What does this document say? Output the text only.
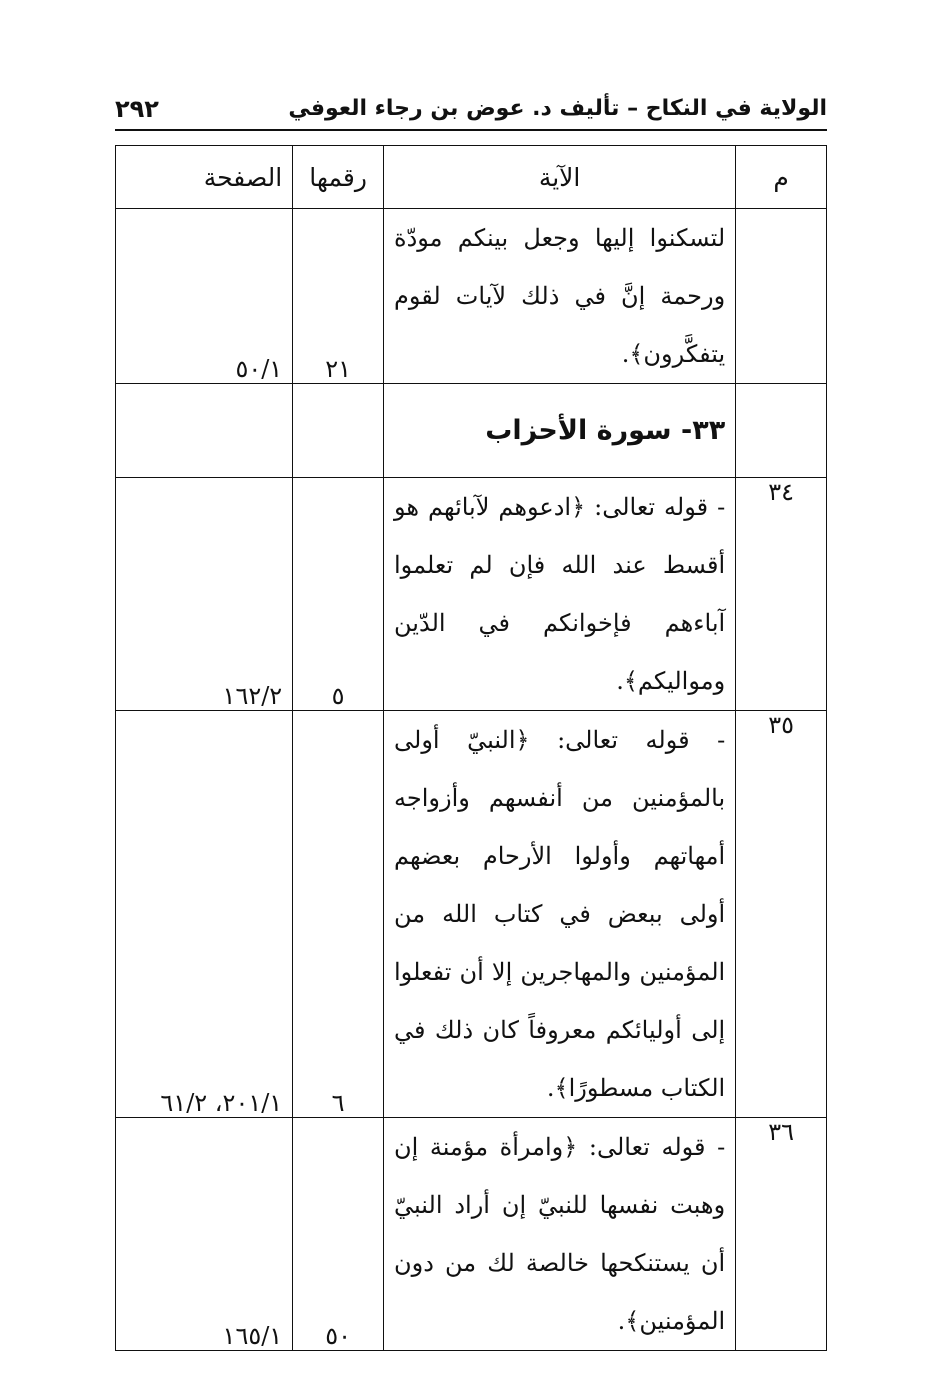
الولاية في النكاح – تأليف د. عوض بن رجاء العوفي
٢٩٢
م	الآية	رقمها	الصفحة
	لتسكنوا إليها وجعل بينكم مودّة ورحمة إنَّ في ذلك لآيات لقوم يتفكَّرون﴾.	٢١	٥٠/١
	٣٣- سورة الأحزاب		
٣٤	- قوله تعالى: ﴿ادعوهم لآبائهم هو أقسط عند الله فإن لم تعلموا آباءهم فإخوانكم في الدّين ومواليكم﴾.	٥	١٦٢/٢
٣٥	- قوله تعالى: ﴿النبيّ أولى بالمؤمنين من أنفسهم وأزواجه أمهاتهم وأولوا الأرحام بعضهم أولى ببعض في كتاب الله من المؤمنين والمهاجرين إلا أن تفعلوا إلى أوليائكم معروفاً كان ذلك في الكتاب مسطورًا﴾.	٦	٢٠١/١، ٦١/٢
٣٦	- قوله تعالى: ﴿وامرأة مؤمنة إن وهبت نفسها للنبيّ إن أراد النبيّ أن يستنكحها خالصة لك من دون المؤمنين﴾.	٥٠	١٦٥/١
